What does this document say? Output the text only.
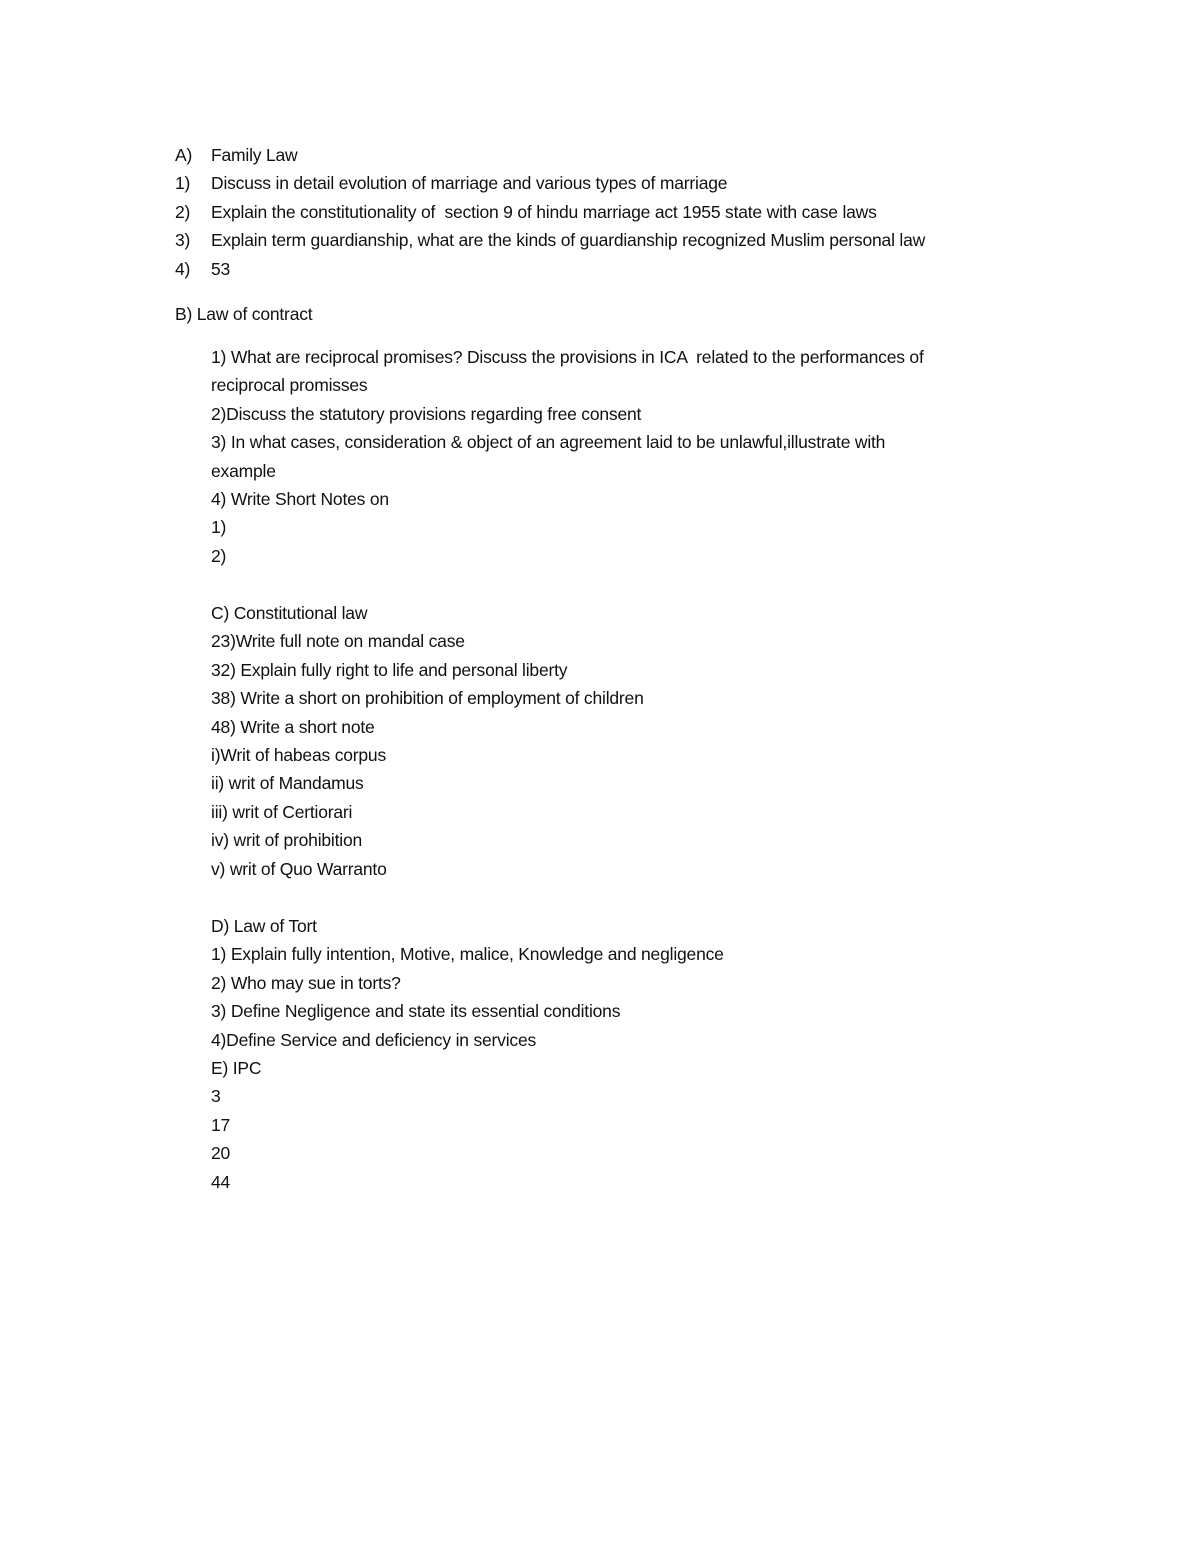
A) Family Law
1) Discuss in detail evolution of marriage and various types of marriage
2) Explain the constitutionality of  section 9 of hindu marriage act 1955 state with case laws
3) Explain term guardianship, what are the kinds of guardianship recognized Muslim personal law
4) 53
B) Law of contract
1) What are reciprocal promises? Discuss the provisions in ICA  related to the performances of
reciprocal promisses
2)Discuss the statutory provisions regarding free consent
3) In what cases, consideration & object of an agreement laid to be unlawful,illustrate with
example
4) Write Short Notes on
1)
2)
C) Constitutional law
23)Write full note on mandal case
32) Explain fully right to life and personal liberty
38) Write a short on prohibition of employment of children
48) Write a short note
i)Writ of habeas corpus
ii) writ of Mandamus
iii) writ of Certiorari
iv) writ of prohibition
v) writ of Quo Warranto
D) Law of Tort
1) Explain fully intention, Motive, malice, Knowledge and negligence
2) Who may sue in torts?
3) Define Negligence and state its essential conditions
4)Define Service and deficiency in services
E) IPC
3
17
20
44
